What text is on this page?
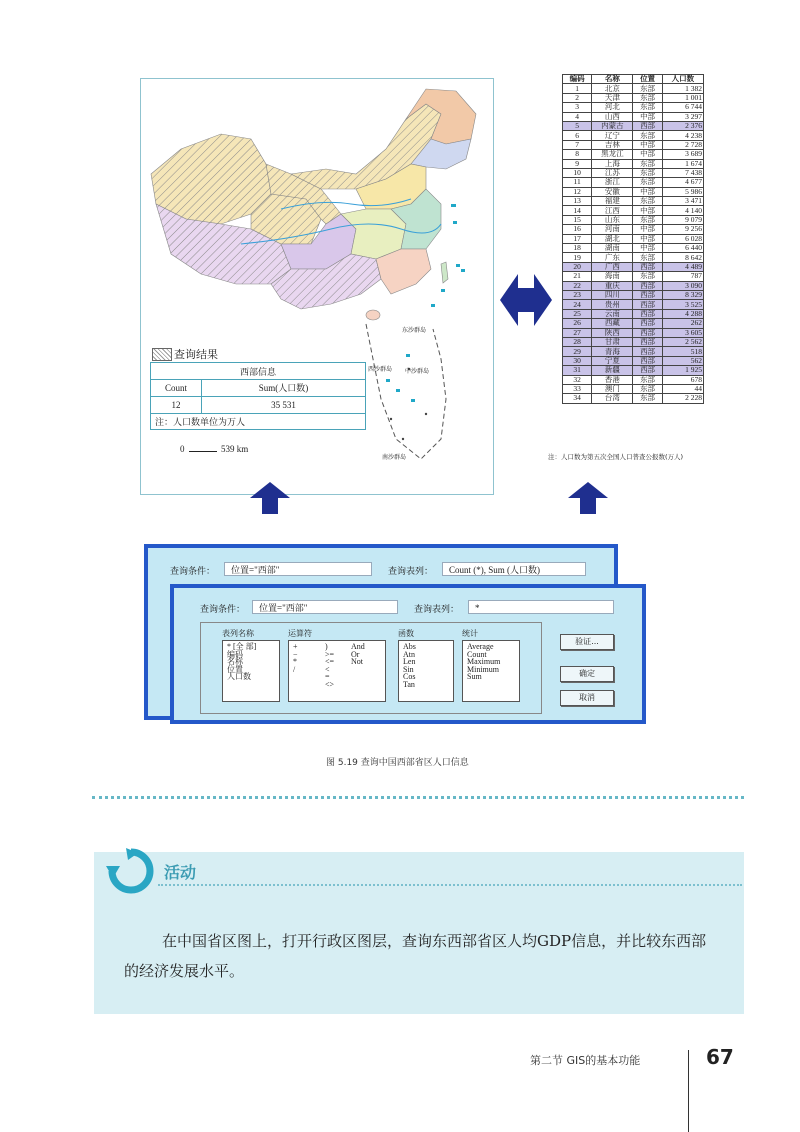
东沙群岛
西沙群岛 中沙群岛
南沙群岛
查询结果
西部信息
Count	Sum(人口数)
12	35 531
注：人口数单位为万人
0	539 km
编码	名称	位置	人口数
1	北京	东部	1 382
2	天津	东部	1 001
3	河北	东部	6 744
4	山西	中部	3 297
5	内蒙古	西部	2 376
6	辽宁	东部	4 238
7	吉林	中部	2 728
8	黑龙江	中部	3 689
9	上海	东部	1 674
10	江苏	东部	7 438
11	浙江	东部	4 677
12	安徽	中部	5 986
13	福建	东部	3 471
14	江西	中部	4 140
15	山东	东部	9 079
16	河南	中部	9 256
17	湖北	中部	6 028
18	湖南	中部	6 440
19	广东	东部	8 642
20	广西	西部	4 489
21	海南	东部	787
22	重庆	西部	3 090
23	四川	西部	8 329
24	贵州	西部	3 525
25	云南	西部	4 288
26	西藏	西部	262
27	陕西	西部	3 605
28	甘肃	西部	2 562
29	青海	西部	518
30	宁夏	西部	562
31	新疆	西部	1 925
32	香港	东部	678
33	澳门	东部	44
34	台湾	东部	2 228
注：人口数为第五次全国人口普查公报数(万人)
查询条件：	位置="西部"	查询表列：	Count (*), Sum (人口数)
查询条件：	位置="西部"	查询表列：	*
表列名称
* [全 部]
编码
名称
位置
人口数
运算符
+
−
*
/
)
>=
<=
<
=
<>
And
Or
Not
函数
Abs
Atn
Len
Sin
Cos
Tan
统计
Average
Count
Maximum
Minimum
Sum
验证...
确定
取消
图 5.19 查询中国西部省区人口信息
活动
在中国省区图上，打开行政区图层，查询东西部省区人均GDP信息，并比较东西部的经济发展水平。
第二节 GIS的基本功能	67
